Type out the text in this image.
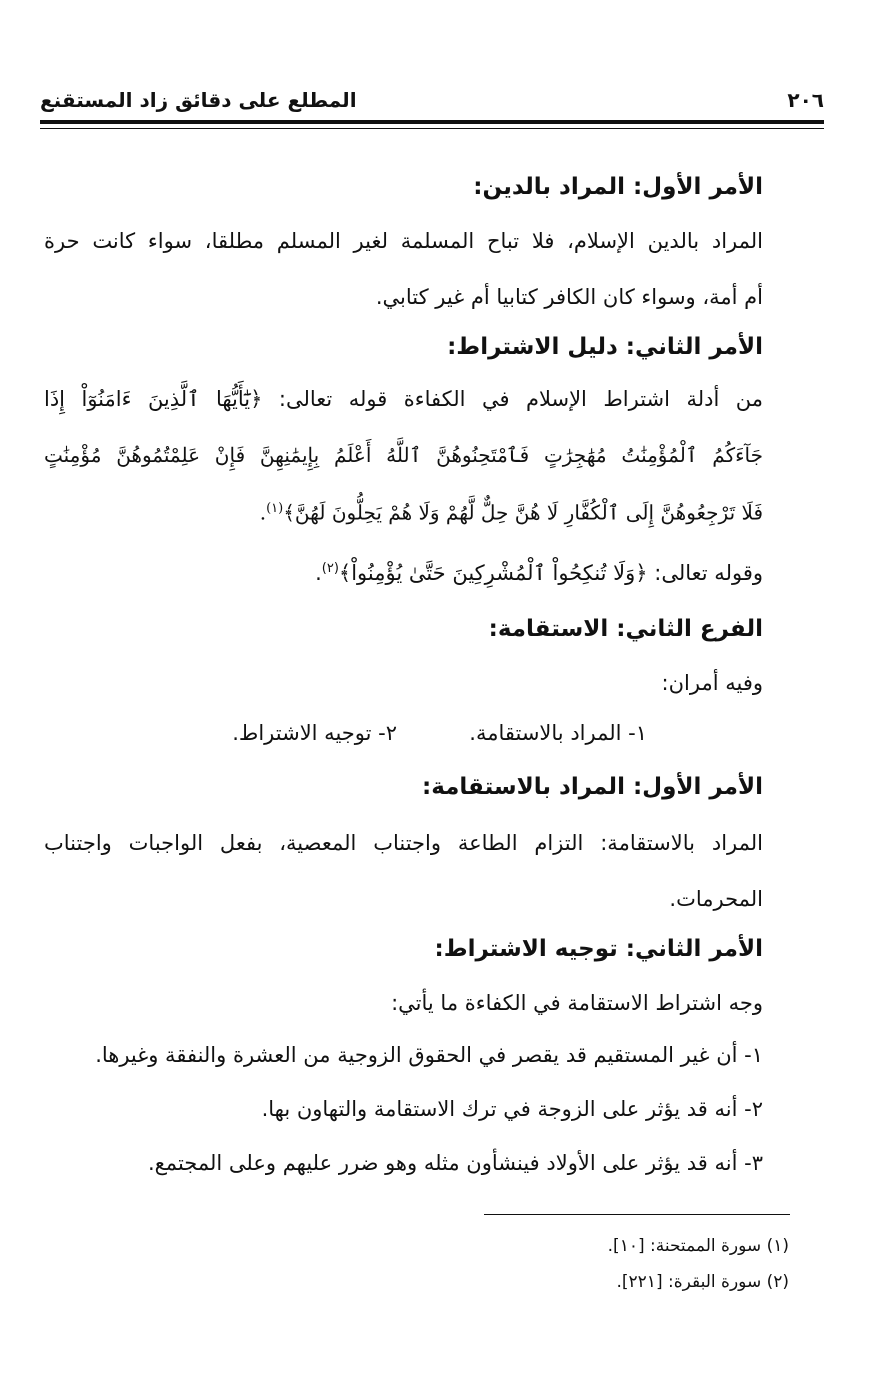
٢٠٦
المطلع على دقائق زاد المستقنع
الأمر الأول: المراد بالدين:
المراد بالدين الإسلام، فلا تباح المسلمة لغير المسلم مطلقا، سواء كانت حرة
أم أمة، وسواء كان الكافر كتابيا أم غير كتابي.
الأمر الثاني: دليل الاشتراط:
من أدلة اشتراط الإسلام في الكفاءة قوله تعالى: ﴿يَٰٓأَيُّهَا ٱلَّذِينَ ءَامَنُوٓاْ إِذَا
جَآءَكُمُ ٱلْمُؤْمِنَٰتُ مُهَٰجِرَٰتٍ فَٱمْتَحِنُوهُنَّ ٱللَّهُ أَعْلَمُ بِإِيمَٰنِهِنَّ فَإِنْ عَلِمْتُمُوهُنَّ مُؤْمِنَٰتٍ
فَلَا تَرْجِعُوهُنَّ إِلَى ٱلْكُفَّارِ لَا هُنَّ حِلٌّ لَّهُمْ وَلَا هُمْ يَحِلُّونَ لَهُنَّ﴾$^{(١)}$.
وقوله تعالى: ﴿وَلَا تُنكِحُواْ ٱلْمُشْرِكِينَ حَتَّىٰ يُؤْمِنُواْ﴾$^{(٢)}$.
الفرع الثاني: الاستقامة:
وفيه أمران:
١- المراد بالاستقامة.
٢- توجيه الاشتراط.
الأمر الأول: المراد بالاستقامة:
المراد بالاستقامة: التزام الطاعة واجتناب المعصية، بفعل الواجبات واجتناب
المحرمات.
الأمر الثاني: توجيه الاشتراط:
وجه اشتراط الاستقامة في الكفاءة ما يأتي:
١- أن غير المستقيم قد يقصر في الحقوق الزوجية من العشرة والنفقة وغيرها.
٢- أنه قد يؤثر على الزوجة في ترك الاستقامة والتهاون بها.
٣- أنه قد يؤثر على الأولاد فينشأون مثله وهو ضرر عليهم وعلى المجتمع.
(١) سورة الممتحنة: [١٠].
(٢) سورة البقرة: [٢٢١].
